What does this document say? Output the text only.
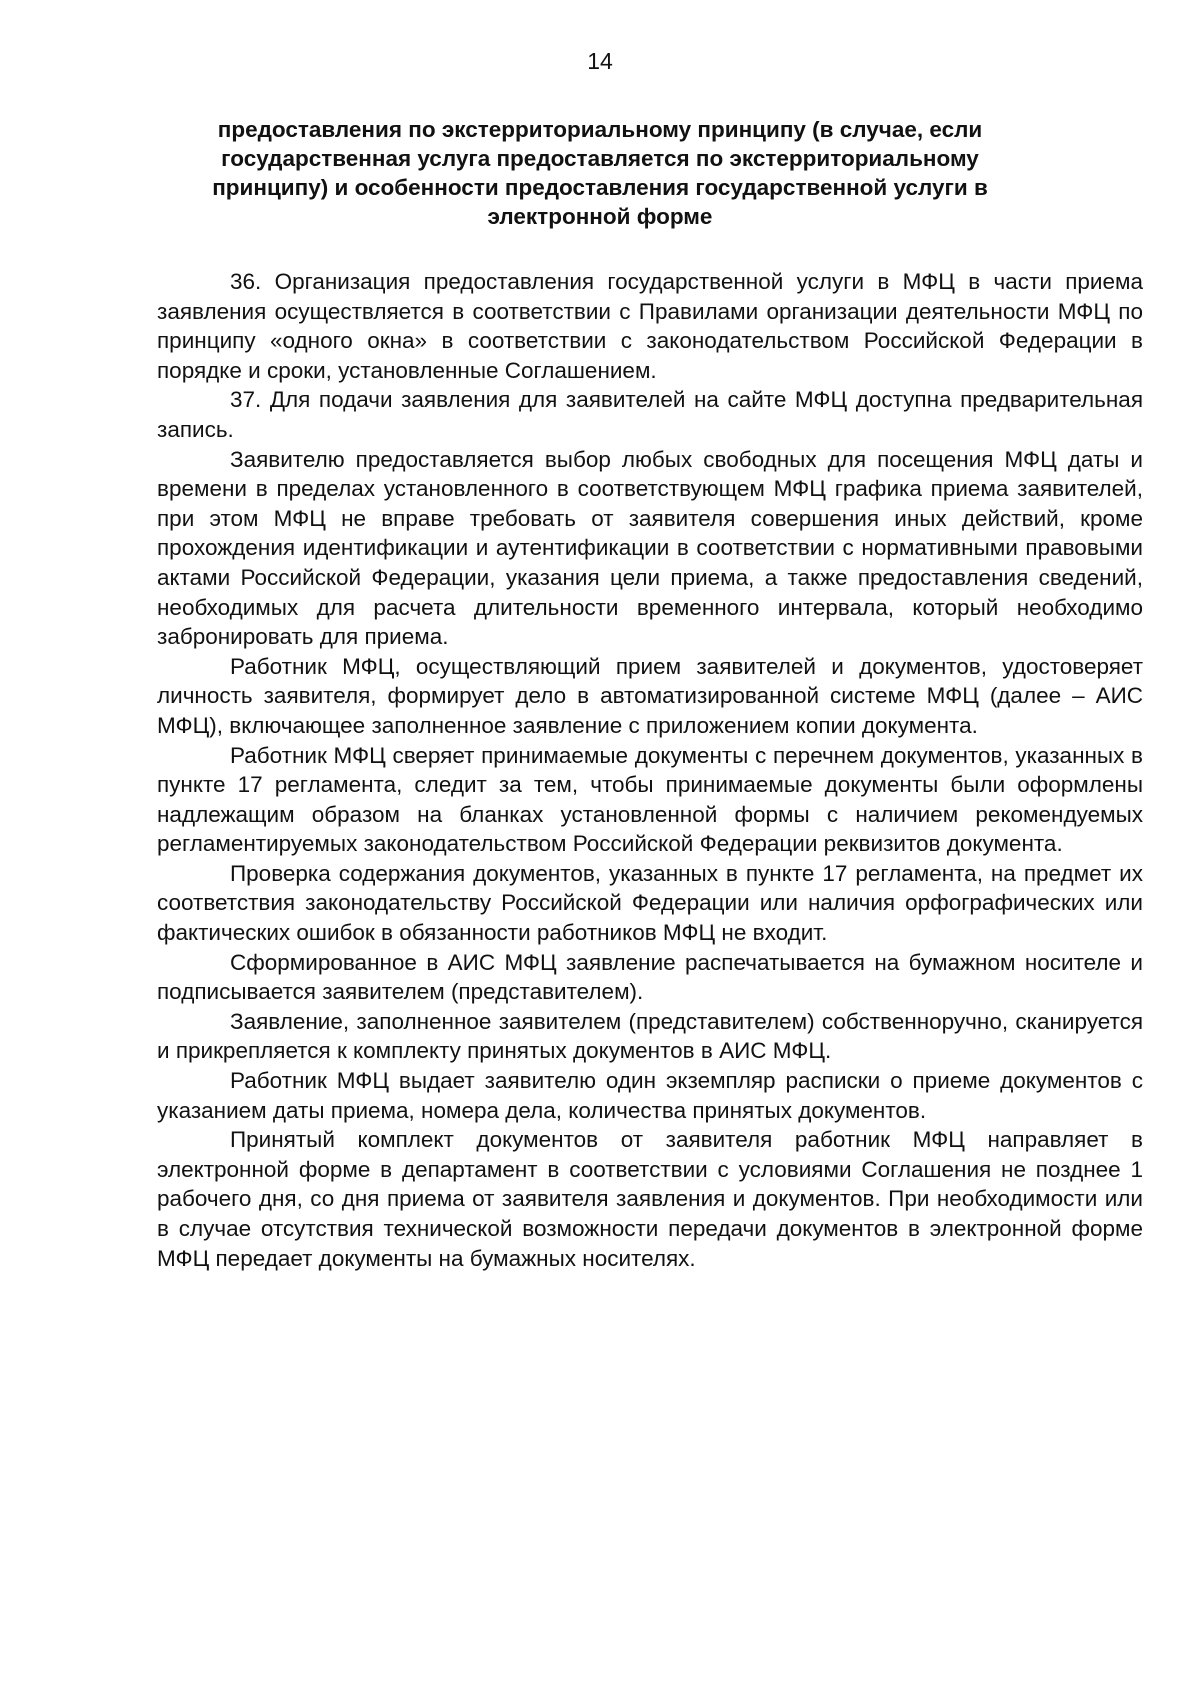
14

предоставления по экстерриториальному принципу (в случае, если государственная услуга предоставляется по экстерриториальному принципу) и особенности предоставления государственной услуги в электронной форме

36. Организация предоставления государственной услуги в МФЦ в части приема заявления осуществляется в соответствии с Правилами организации деятельности МФЦ по принципу «одного окна» в соответствии с законодательством Российской Федерации в порядке и сроки, установленные Соглашением.

37. Для подачи заявления для заявителей на сайте МФЦ доступна предварительная запись.

Заявителю предоставляется выбор любых свободных для посещения МФЦ даты и времени в пределах установленного в соответствующем МФЦ графика приема заявителей, при этом МФЦ не вправе требовать от заявителя совершения иных действий, кроме прохождения идентификации и аутентификации в соответствии с нормативными правовыми актами Российской Федерации, указания цели приема, а также предоставления сведений, необходимых для расчета длительности временного интервала, который необходимо забронировать для приема.

Работник МФЦ, осуществляющий прием заявителей и документов, удостоверяет личность заявителя, формирует дело в автоматизированной системе МФЦ (далее – АИС МФЦ), включающее заполненное заявление с приложением копии документа.

Работник МФЦ сверяет принимаемые документы с перечнем документов, указанных в пункте 17 регламента, следит за тем, чтобы принимаемые документы были оформлены надлежащим образом на бланках установленной формы с наличием рекомендуемых регламентируемых законодательством Российской Федерации реквизитов документа.

Проверка содержания документов, указанных в пункте 17 регламента, на предмет их соответствия законодательству Российской Федерации или наличия орфографических или фактических ошибок в обязанности работников МФЦ не входит.

Сформированное в АИС МФЦ заявление распечатывается на бумажном носителе и подписывается заявителем (представителем).

Заявление, заполненное заявителем (представителем) собственноручно, сканируется и прикрепляется к комплекту принятых документов в АИС МФЦ.

Работник МФЦ выдает заявителю один экземпляр расписки о приеме документов с указанием даты приема, номера дела, количества принятых документов.

Принятый комплект документов от заявителя работник МФЦ направляет в электронной форме в департамент в соответствии с условиями Соглашения не позднее 1 рабочего дня, со дня приема от заявителя заявления и документов. При необходимости или в случае отсутствия технической возможности передачи документов в электронной форме МФЦ передает документы на бумажных носителях.
